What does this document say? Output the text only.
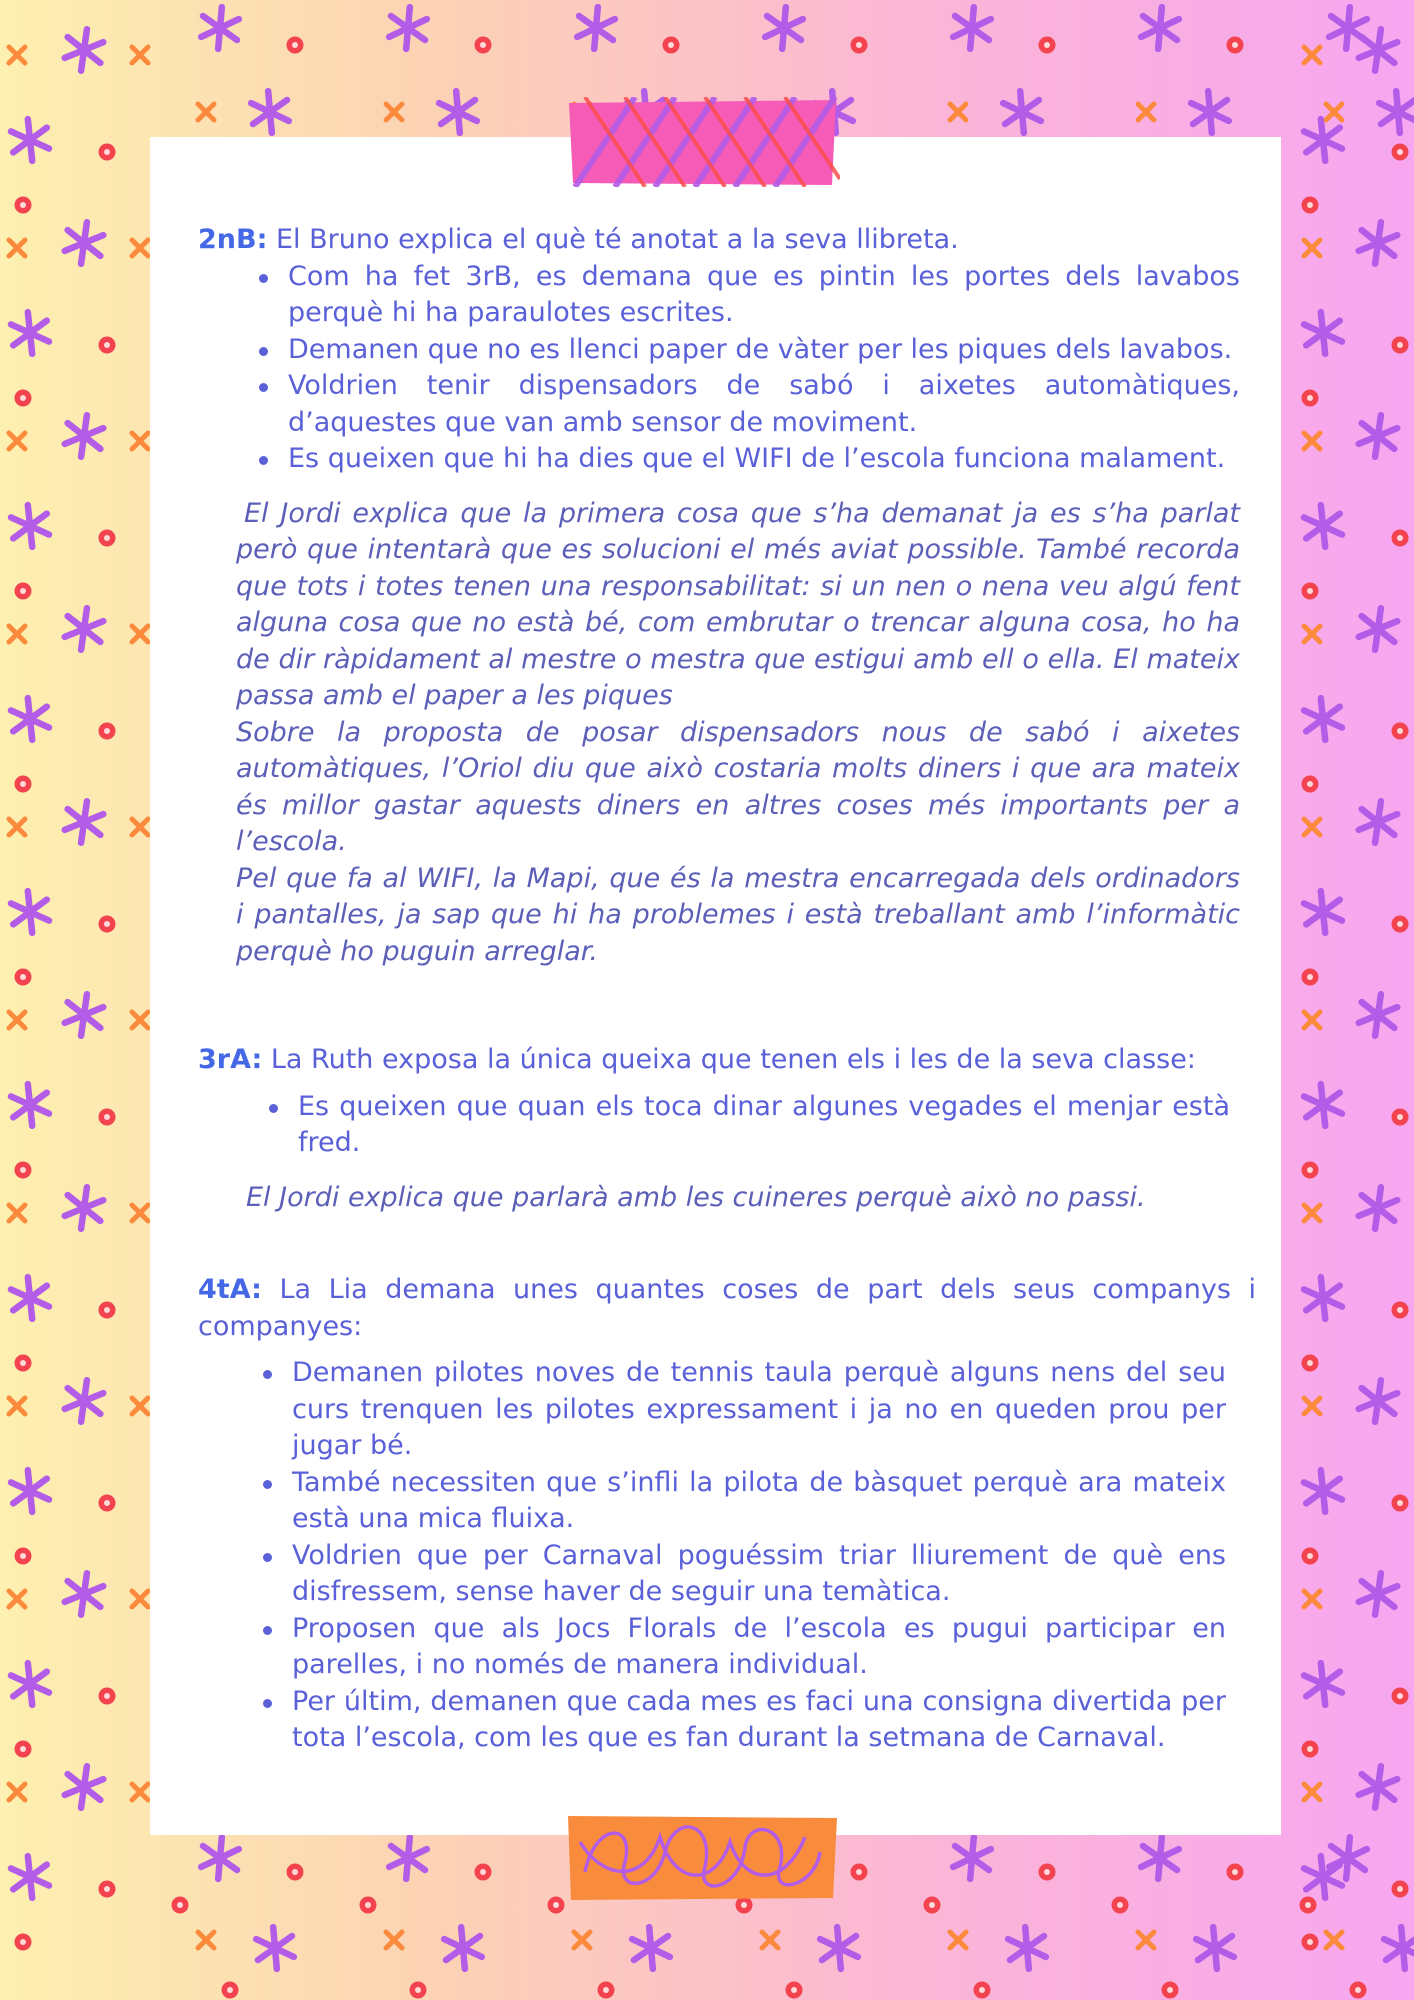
2nB: El Bruno explica el què té anotat a la seva llibreta.

Com ha fet 3rB, es demana que es pintin les portes dels lavabos perquè hi ha paraulotes escrites.
Demanen que no es llenci paper de vàter per les piques dels lavabos.
Voldrien tenir dispensadors de sabó i aixetes automàtiques, d’aquestes que van amb sensor de moviment.
Es queixen que hi ha dies que el WIFI de l’escola funciona malament.

El Jordi explica que la primera cosa que s’ha demanat ja es s’ha parlat però que intentarà que es solucioni el més aviat possible. També recorda que tots i totes tenen una responsabilitat: si un nen o nena veu algú fent alguna cosa que no està bé, com embrutar o trencar alguna cosa, ho ha de dir ràpidament al mestre o mestra que estigui amb ell o ella. El mateix passa amb el paper a les piques

Sobre la proposta de posar dispensadors nous de sabó i aixetes automàtiques, l’Oriol diu que això costaria molts diners i que ara mateix és millor gastar aquests diners en altres coses més importants per a l’escola.

Pel que fa al WIFI, la Mapi, que és la mestra encarregada dels ordinadors i pantalles, ja sap que hi ha problemes i està treballant amb l’informàtic perquè ho puguin arreglar.

3rA: La Ruth exposa la única queixa que tenen els i les de la seva classe:

Es queixen que quan els toca dinar algunes vegades el menjar està fred.

El Jordi explica que parlarà amb les cuineres perquè això no passi.

4tA: La Lia demana unes quantes coses de part dels seus companys i companyes:

Demanen pilotes noves de tennis taula perquè alguns nens del seu curs trenquen les pilotes expressament i ja no en queden prou per jugar bé.
També necessiten que s’infli la pilota de bàsquet perquè ara mateix està una mica fluixa.
Voldrien que per Carnaval poguéssim triar lliurement de què ens disfressem, sense haver de seguir una temàtica.
Proposen que als Jocs Florals de l’escola es pugui participar en parelles, i no només de manera individual.
Per últim, demanen que cada mes es faci una consigna divertida per tota l’escola, com les que es fan durant la setmana de Carnaval.
